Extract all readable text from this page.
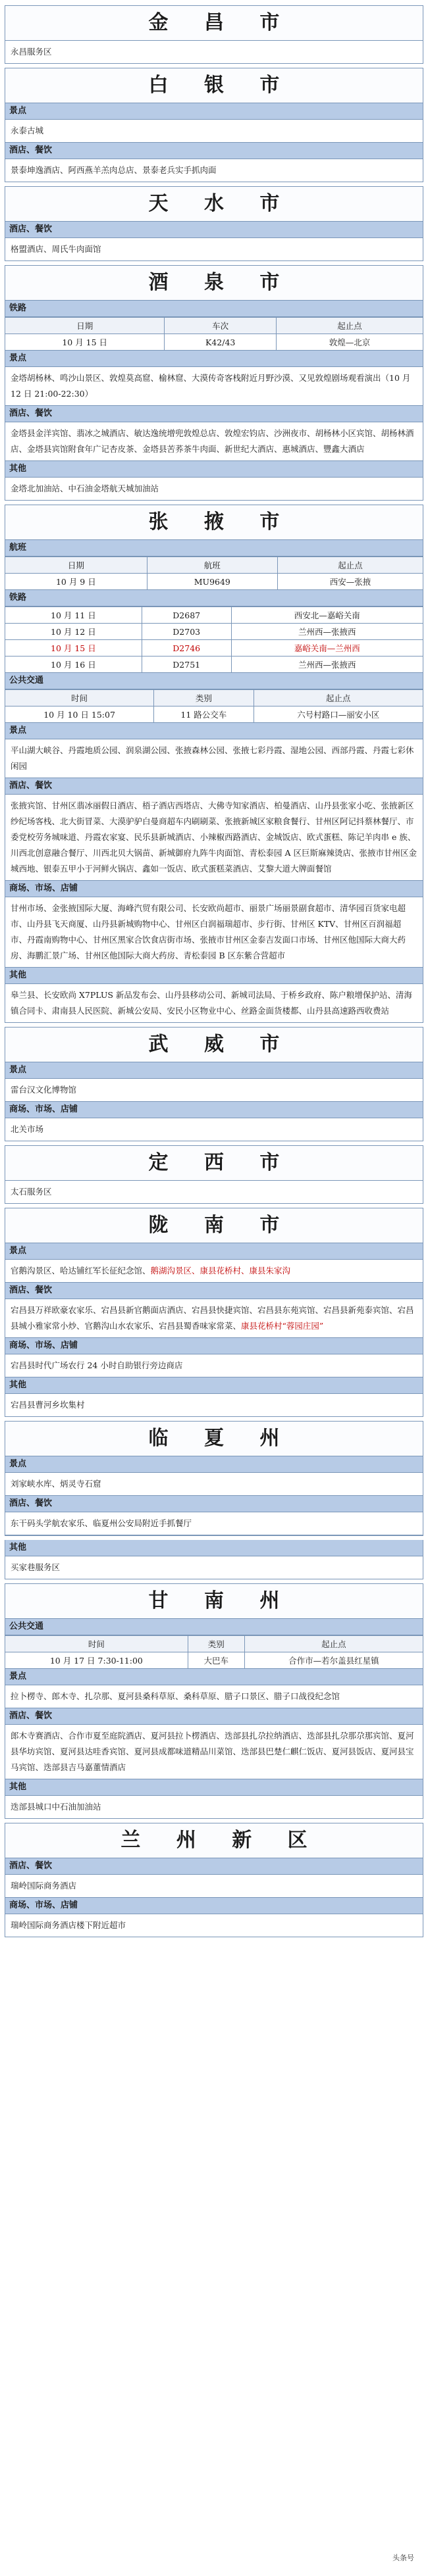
金 昌 市
永昌服务区
白 银 市
景点
永泰古城
酒店、餐饮
景泰坤逸酒店、阿西燕羊羔肉总店、景泰老兵实手抓肉面
天 水 市
酒店、餐饮
格盟酒店、周氏牛肉面馆
酒 泉 市
铁路
日期	车次	起止点
10 月 15 日	K42/43	敦煌—北京
景点
金塔胡杨林、鸣沙山景区、敦煌莫高窟、榆林窟、大漠传奇客栈附近月野沙漠、又见敦煌剧场观看演出（10 月 12 日 21:00-22:30）
酒店、餐饮
金塔县金洋宾馆、翡冰之城酒店、敏达逸统增兜敦煌总店、敦煌宏钧店、沙洲夜市、胡杨林小区宾馆、胡杨林酒店、金塔县宾馆附食年广记杏皮茶、金塔县苦荞茶牛肉面、新世纪大酒店、惠城酒店、豐鑫大酒店
其他
金塔北加油站、中石油金塔航天城加油站
张 掖 市
航班
日期	航班	起止点
10 月 9 日	MU9649	西安—张掖
铁路
10 月 11 日	D2687	西安北—嘉峪关南
10 月 12 日	D2703	兰州西—张掖西
10 月 15 日	D2746	嘉峪关南—兰州西
10 月 16 日	D2751	兰州西—张掖西
公共交通
时间	类别	起止点
10 月 10 日 15:07	11 路公交车	六号村路口—丽安小区
景点
平山湖大峡谷、丹霞地质公园、润泉湖公园、张掖森林公园、张掖七彩丹霞、湿地公园、西部丹霞、丹霞七彩休闲园
酒店、餐饮
张掖宾馆、甘州区翡冰丽假日酒店、梧子酒店西塔店、大佛寺知家酒店、柏曼酒店、山丹县张家小吃、张掖新区纱纪场客栈、北大街冒菜、大漠驴驴白曼商超车内刷刷菜、张掖新城区家粮食餐行、甘州区阿记抖蔡林餐厅、市委党校劳务城味道、丹霞农家宴、民乐县新城酒店、小辣椒西路酒店、金城饭店、欧式蛋糕、陈记羊肉串 e 族、川西北创意融合餐厅、川西北贝大锅苗、新城御府九阵牛肉面馆、青松泰园 A 区巨斯麻辣烫店、张掖市甘州区金城西地、银泰五甲小于河鲜火锅店、鑫如一饭店、欧式蛋糕菜酒店、艾黎大道大牌面餐馆
商场、市场、店铺
甘州市场、金张掖国际大厦、海峰汽贸有限公司、长安欧尚超市、丽景广场丽景副食超市、清华园百货家电超市、山丹县飞天商厦、山丹县新城购物中心、甘州区白润福瑞超市、步行街、甘州区 KTV、甘州区百润福超市、丹霞南购物中心、甘州区黑家合饮食店街市场、张掖市甘州区金泰吉发面口市场、甘州区他国际大商大药房、海鹏汇景广场、甘州区他国际大商大药房、青松泰园 B 区东紫合营超市
其他
皋兰县、长安欧尚 X7PLUS 新品发布会、山丹县移动公司、新城司法局、于桥乡政府、陈户粮增保护站、清海镇合同卡、肃南县人民医院、新城公安局、安民小区物业中心、丝路金面货楼都、山丹县高速路西收费站
武 威 市
景点
雷台汉文化博物馆
商场、市场、店铺
北关市场
定 西 市
太石服务区
陇 南 市
景点
官鹅沟景区、哈达铺红军长征纪念馆、鹅湖沟景区、康县花桥村、康县朱家沟
酒店、餐饮
宕昌县万祥欧豪农家乐、宕昌县新官鹅面店酒店、宕昌县快捷宾馆、宕昌县东苑宾馆、宕昌县新苑泰宾馆、宕昌县城小雅家常小炒、官鹅沟山水农家乐、宕昌县蜀香味家常菜、康县花桥村“蓉园庄园”
商场、市场、店铺
宕昌县时代广场农行 24 小时自助银行旁边商店
其他
宕昌县曹河乡坎集村
临 夏 州
景点
刘家峡水库、炳灵寺石窟
酒店、餐饮
东干码头学航农家乐、临夏州公安局附近手抓餐厅
其他
买家巷服务区
甘 南 州
公共交通
时间	类别	起止点
10 月 17 日 7:30-11:00	大巴车	合作市—若尔盖县红星镇
景点
拉卜楞寺、郎木寺、扎尕那、夏河县桑科草原、桑科草原、腊子口景区、腊子口战役纪念馆
酒店、餐饮
郎木寺赛酒店、合作市夏至庭院酒店、夏河县拉卜楞酒店、迭部县扎尕拉纳酒店、迭部县扎尕那尕那宾馆、夏河县华坊宾馆、夏河县达哇香宾馆、夏河县成都味道精品川菜馆、迭部县巴楚仁麒仁饭店、夏河县饭店、夏河县宝马宾馆、迭部县吉马嘉董情酒店
其他
迭部县城口中石油加油站
兰 州 新 区
酒店、餐饮
瑞岭国际商务酒店
商场、市场、店铺
瑞岭国际商务酒店楼下附近超市
头条号
